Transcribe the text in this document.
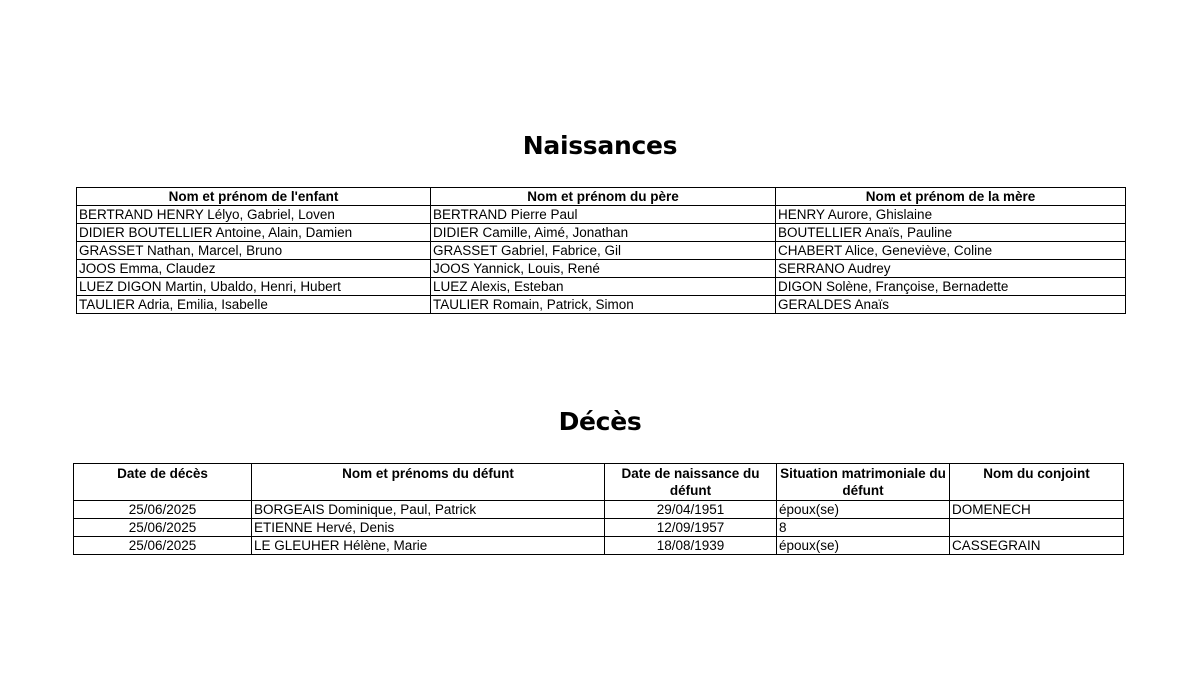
Naissances
Nom et prénom de l'enfant	Nom et prénom du père	Nom et prénom de la mère
BERTRAND HENRY Lélyo, Gabriel, Loven	BERTRAND Pierre Paul	HENRY Aurore, Ghislaine
DIDIER BOUTELLIER Antoine, Alain, Damien	DIDIER Camille, Aimé, Jonathan	BOUTELLIER Anaïs, Pauline
GRASSET Nathan, Marcel, Bruno	GRASSET Gabriel, Fabrice, Gil	CHABERT Alice, Geneviève, Coline
JOOS Emma, Claudez	JOOS Yannick, Louis, René	SERRANO Audrey
LUEZ DIGON Martin, Ubaldo, Henri, Hubert	LUEZ Alexis, Esteban	DIGON Solène, Françoise, Bernadette
TAULIER Adria, Emilia, Isabelle	TAULIER Romain, Patrick, Simon	GERALDES Anaïs
Décès
Date de décès	Nom et prénoms du défunt	Date de naissance du défunt	Situation matrimoniale du défunt	Nom du conjoint
25/06/2025	BORGEAIS Dominique, Paul, Patrick	29/04/1951	époux(se)	DOMENECH
25/06/2025	ETIENNE Hervé, Denis	12/09/1957	8	
25/06/2025	LE GLEUHER Hélène, Marie	18/08/1939	époux(se)	CASSEGRAIN
